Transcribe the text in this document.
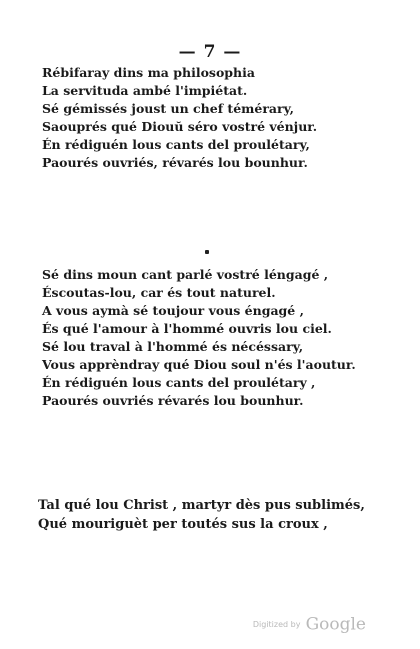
— 7 —
Rébifaray dins ma philosophia
La servituda ambé l'impiétat.
Sé gémissés joust un chef témérary,
Saouprés qué Diouŭ séro vostré vénjur.
Én rédiguén lous cants del proulétary,
Paourés ouvriés, révarés lou bounhur.
Sé dins moun cant parlé vostré léngagé ,
Éscoutas-lou, car és tout naturel.
A vous aymà sé toujour vous éngagé ,
És qué l'amour à l'hommé ouvris lou ciel.
Sé lou traval à l'hommé és nécéssary,
Vous apprèndray qué Diou soul n'és l'aoutur.
Én rédiguén lous cants del proulétary ,
Paourés ouvriés révarés lou bounhur.
Tal qué lou Christ , martyr dès pus sublimés,
Qué mouriguèt per toutés sus la croux ,
Digitized by Google
